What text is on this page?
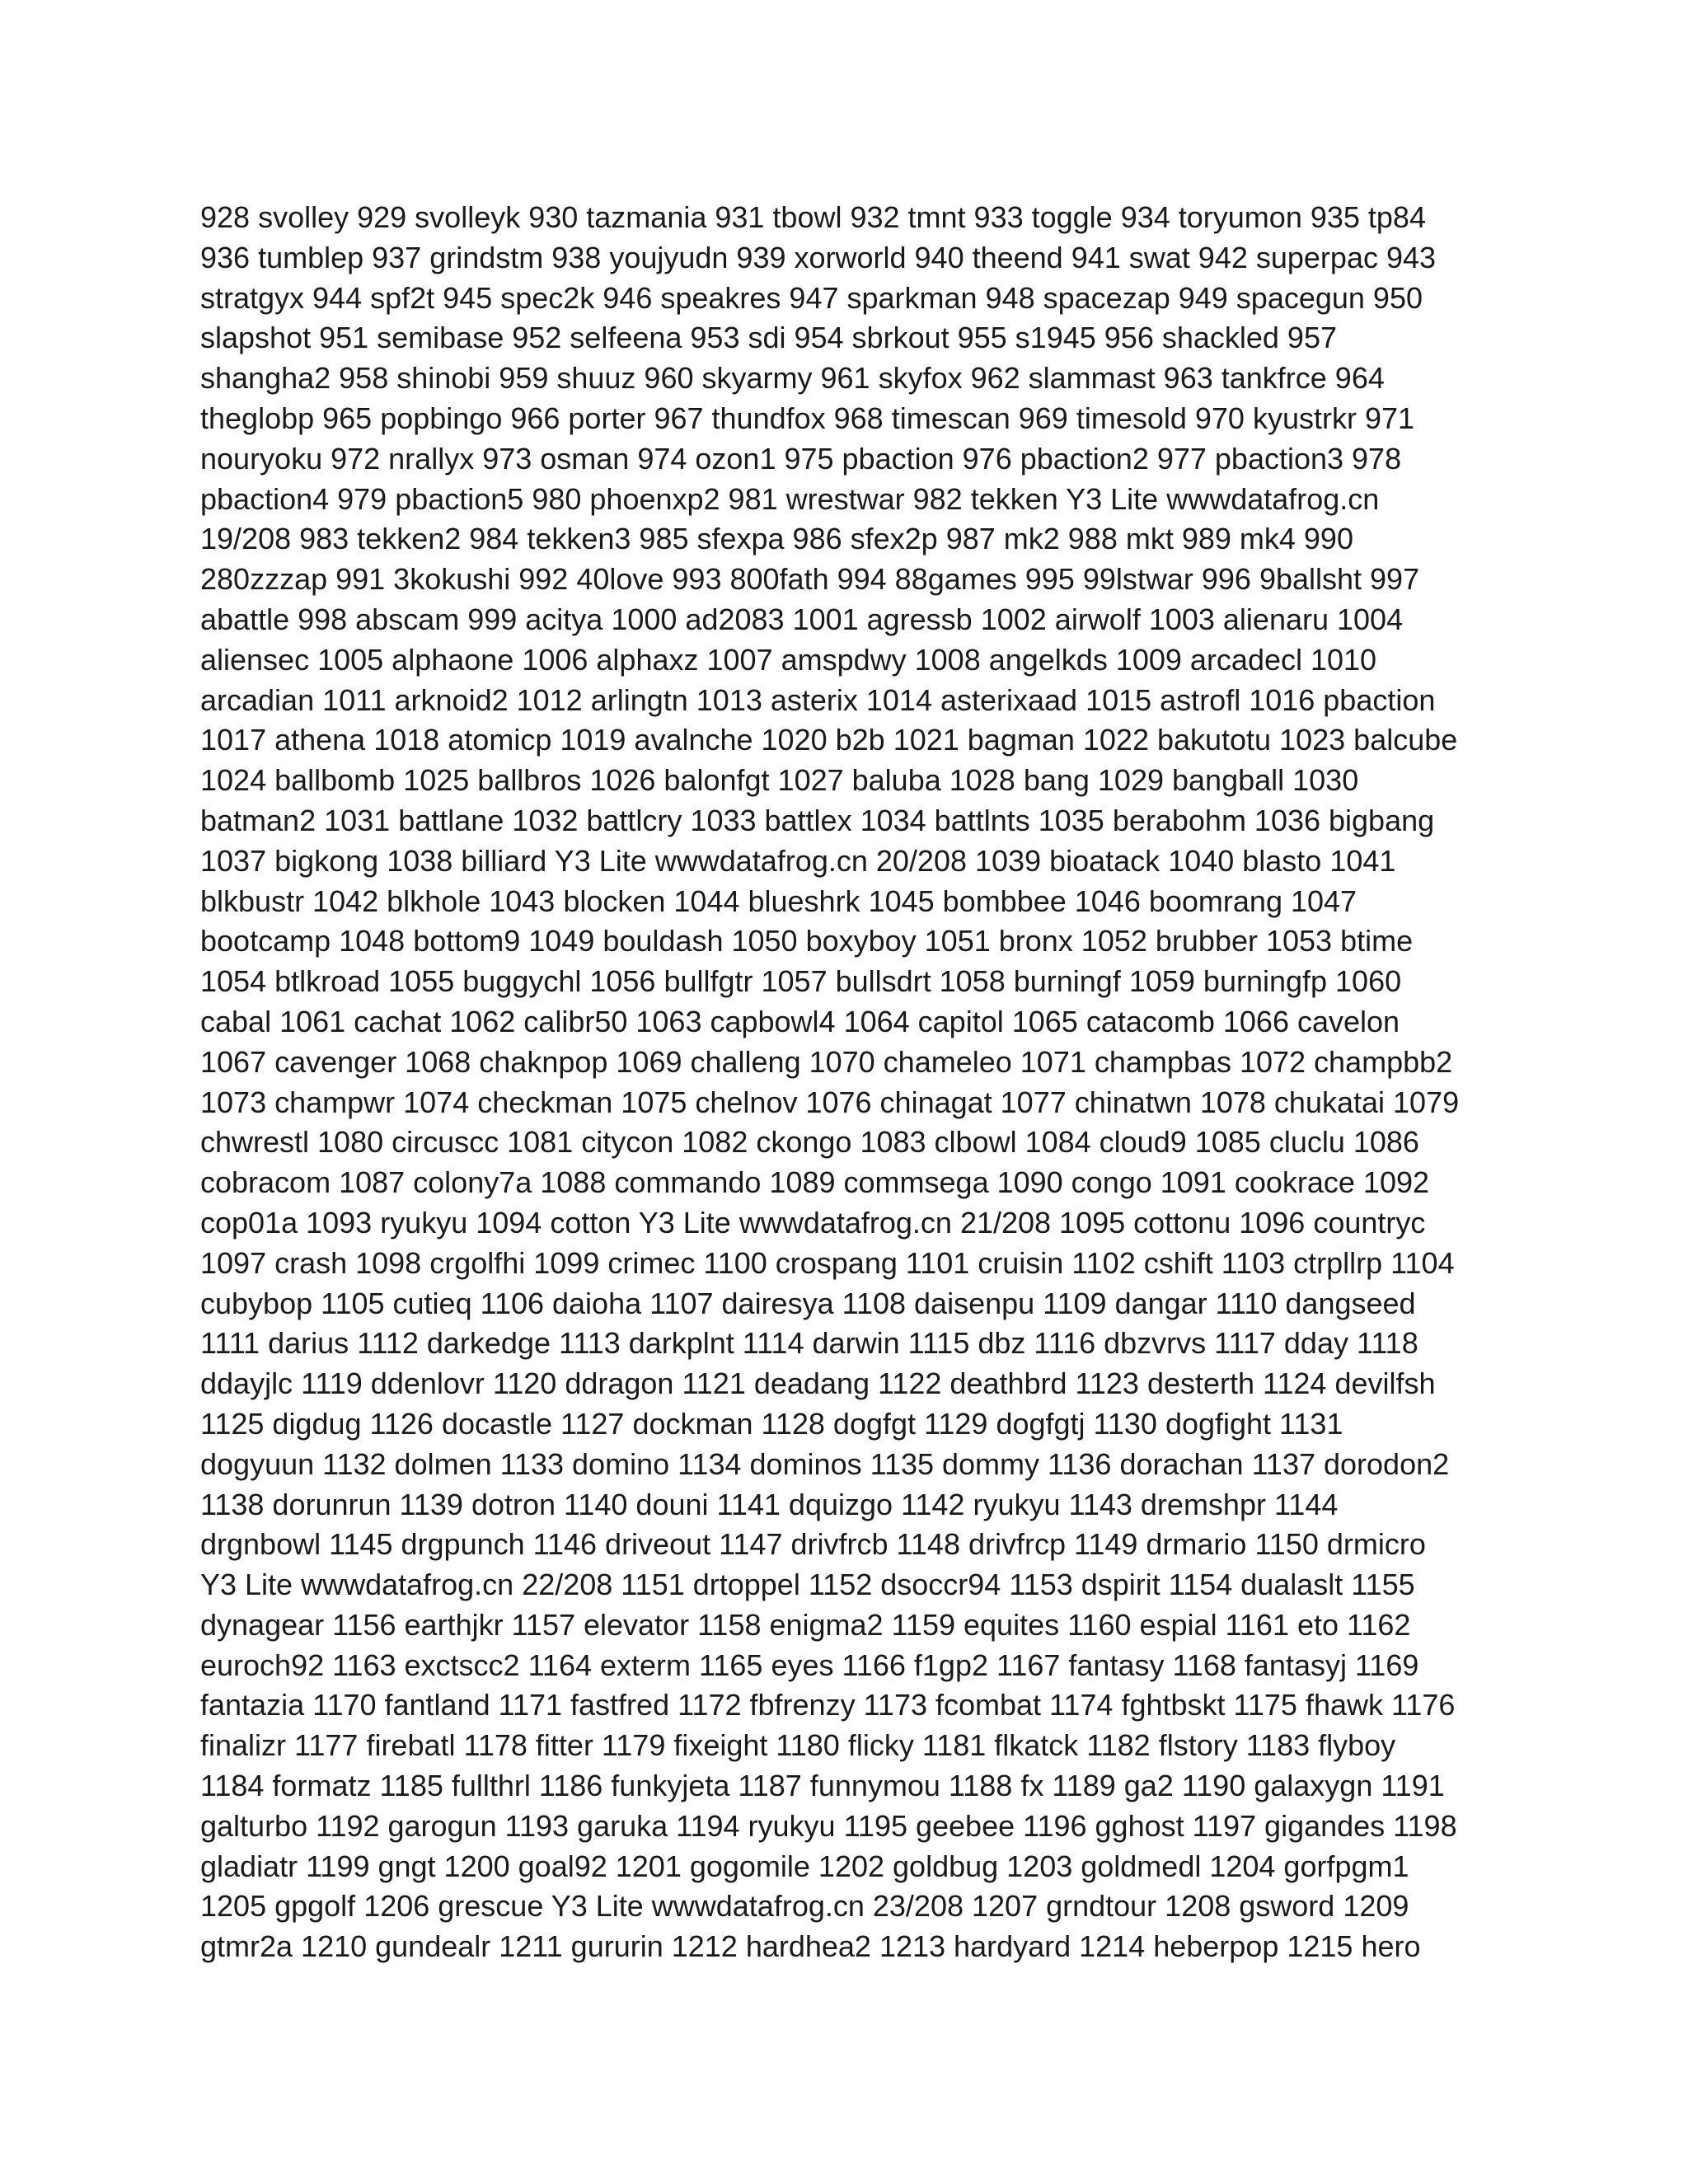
928 svolley 929 svolleyk 930 tazmania 931 tbowl 932 tmnt 933 toggle 934 toryumon 935 tp84
936 tumblep 937 grindstm 938 youjyudn 939 xorworld 940 theend 941 swat 942 superpac 943
stratgyx 944 spf2t 945 spec2k 946 speakres 947 sparkman 948 spacezap 949 spacegun 950
slapshot 951 semibase 952 selfeena 953 sdi 954 sbrkout 955 s1945 956 shackled 957
shangha2 958 shinobi 959 shuuz 960 skyarmy 961 skyfox 962 slammast 963 tankfrce 964
theglobp 965 popbingo 966 porter 967 thundfox 968 timescan 969 timesold 970 kyustrkr 971
nouryoku 972 nrallyx 973 osman 974 ozon1 975 pbaction 976 pbaction2 977 pbaction3 978
pbaction4 979 pbaction5 980 phoenxp2 981 wrestwar 982 tekken Y3 Lite wwwdatafrog.cn
19/208 983 tekken2 984 tekken3 985 sfexpa 986 sfex2p 987 mk2 988 mkt 989 mk4 990
280zzzap 991 3kokushi 992 40love 993 800fath 994 88games 995 99lstwar 996 9ballsht 997
abattle 998 abscam 999 acitya 1000 ad2083 1001 agressb 1002 airwolf 1003 alienaru 1004
aliensec 1005 alphaone 1006 alphaxz 1007 amspdwy 1008 angelkds 1009 arcadecl 1010
arcadian 1011 arknoid2 1012 arlingtn 1013 asterix 1014 asterixaad 1015 astrofl 1016 pbaction
1017 athena 1018 atomicp 1019 avalnche 1020 b2b 1021 bagman 1022 bakutotu 1023 balcube
1024 ballbomb 1025 ballbros 1026 balonfgt 1027 baluba 1028 bang 1029 bangball 1030
batman2 1031 battlane 1032 battlcry 1033 battlex 1034 battlnts 1035 berabohm 1036 bigbang
1037 bigkong 1038 billiard Y3 Lite wwwdatafrog.cn 20/208 1039 bioatack 1040 blasto 1041
blkbustr 1042 blkhole 1043 blocken 1044 blueshrk 1045 bombbee 1046 boomrang 1047
bootcamp 1048 bottom9 1049 bouldash 1050 boxyboy 1051 bronx 1052 brubber 1053 btime
1054 btlkroad 1055 buggychl 1056 bullfgtr 1057 bullsdrt 1058 burningf 1059 burningfp 1060
cabal 1061 cachat 1062 calibr50 1063 capbowl4 1064 capitol 1065 catacomb 1066 cavelon
1067 cavenger 1068 chaknpop 1069 challeng 1070 chameleo 1071 champbas 1072 champbb2
1073 champwr 1074 checkman 1075 chelnov 1076 chinagat 1077 chinatwn 1078 chukatai 1079
chwrestl 1080 circuscc 1081 citycon 1082 ckongo 1083 clbowl 1084 cloud9 1085 cluclu 1086
cobracom 1087 colony7a 1088 commando 1089 commsega 1090 congo 1091 cookrace 1092
cop01a 1093 ryukyu 1094 cotton Y3 Lite wwwdatafrog.cn 21/208 1095 cottonu 1096 countryc
1097 crash 1098 crgolfhi 1099 crimec 1100 crospang 1101 cruisin 1102 cshift 1103 ctrpllrp 1104
cubybop 1105 cutieq 1106 daioha 1107 dairesya 1108 daisenpu 1109 dangar 1110 dangseed
1111 darius 1112 darkedge 1113 darkplnt 1114 darwin 1115 dbz 1116 dbzvrvs 1117 dday 1118
ddayjlc 1119 ddenlovr 1120 ddragon 1121 deadang 1122 deathbrd 1123 desterth 1124 devilfsh
1125 digdug 1126 docastle 1127 dockman 1128 dogfgt 1129 dogfgtj 1130 dogfight 1131
dogyuun 1132 dolmen 1133 domino 1134 dominos 1135 dommy 1136 dorachan 1137 dorodon2
1138 dorunrun 1139 dotron 1140 douni 1141 dquizgo 1142 ryukyu 1143 dremshpr 1144
drgnbowl 1145 drgpunch 1146 driveout 1147 drivfrcb 1148 drivfrcp 1149 drmario 1150 drmicro
Y3 Lite wwwdatafrog.cn 22/208 1151 drtoppel 1152 dsoccr94 1153 dspirit 1154 dualaslt 1155
dynagear 1156 earthjkr 1157 elevator 1158 enigma2 1159 equites 1160 espial 1161 eto 1162
euroch92 1163 exctscc2 1164 exterm 1165 eyes 1166 f1gp2 1167 fantasy 1168 fantasyj 1169
fantazia 1170 fantland 1171 fastfred 1172 fbfrenzy 1173 fcombat 1174 fghtbskt 1175 fhawk 1176
finalizr 1177 firebatl 1178 fitter 1179 fixeight 1180 flicky 1181 flkatck 1182 flstory 1183 flyboy
1184 formatz 1185 fullthrl 1186 funkyjeta 1187 funnymou 1188 fx 1189 ga2 1190 galaxygn 1191
galturbo 1192 garogun 1193 garuka 1194 ryukyu 1195 geebee 1196 gghost 1197 gigandes 1198
gladiatr 1199 gngt 1200 goal92 1201 gogomile 1202 goldbug 1203 goldmedl 1204 gorfpgm1
1205 gpgolf 1206 grescue Y3 Lite wwwdatafrog.cn 23/208 1207 grndtour 1208 gsword 1209
gtmr2a 1210 gundealr 1211 gururin 1212 hardhea2 1213 hardyard 1214 heberpop 1215 hero
